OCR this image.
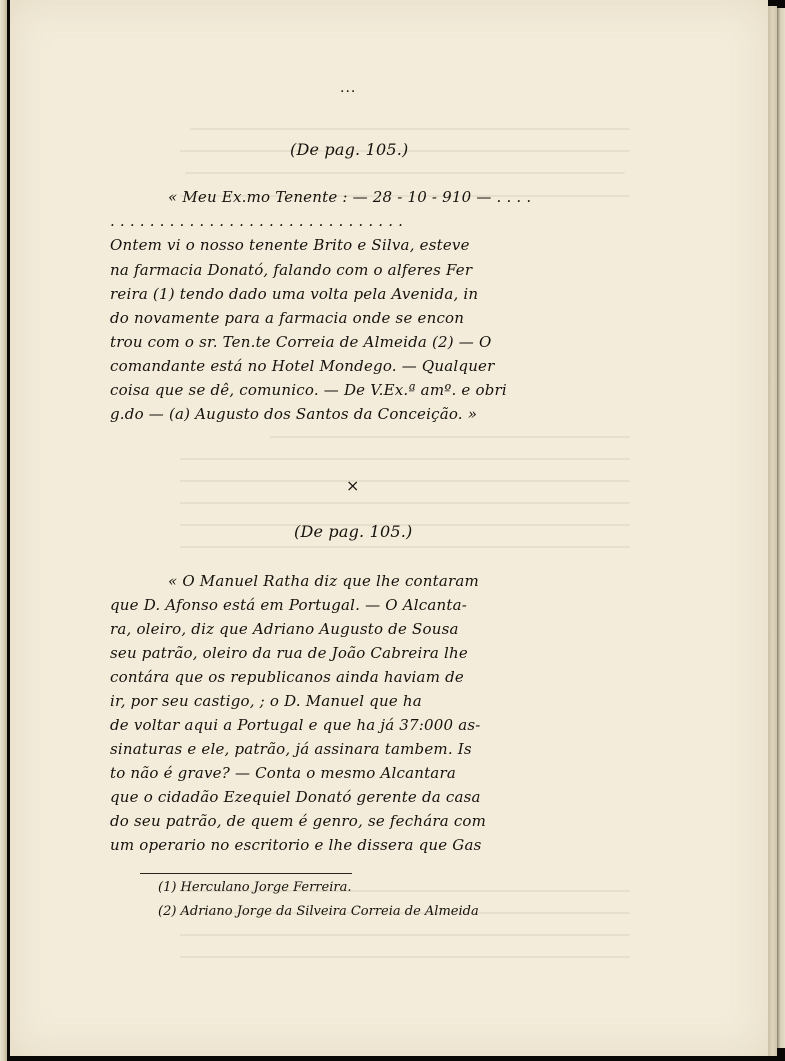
...

(De pag. 105.)

« Meu Ex.mo Tenente : — 28 - 10 - 910 — . . . .

. . . . . . . . . . . . . . . . . . . . . . . . . . . . . .

Ontem vi o nosso tenente Brito e Silva, esteve

na farmacia Donató, falando com o alferes Fer

reira (1) tendo dado uma volta pela Avenida, in

do novamente para a farmacia onde se encon

trou com o sr. Ten.te Correia de Almeida (2) — O

comandante está no Hotel Mondego. — Qualquer

coisa que se dê, comunico. — De V.Ex.ª amº. e obri

g.do — (a) Augusto dos Santos da Conceição. »

×

(De pag. 105.)

« O Manuel Ratha diz que lhe contaram

que D. Afonso está em Portugal. — O Alcanta-

ra, oleiro, diz que Adriano Augusto de Sousa

seu patrão, oleiro da rua de João Cabreira lhe

contára que os republicanos ainda haviam de

ir, por seu castigo, ; o D. Manuel que ha

de voltar aqui a Portugal e que ha já 37:000 as-

sinaturas e ele, patrão, já assinara tambem. Is

to não é grave? — Conta o mesmo Alcantara

que o cidadão Ezequiel Donató gerente da casa

do seu patrão, de quem é genro, se fechára com

um operario no escritorio e lhe dissera que Gas

(1) Herculano Jorge Ferreira.

(2) Adriano Jorge da Silveira Correia de Almeida
